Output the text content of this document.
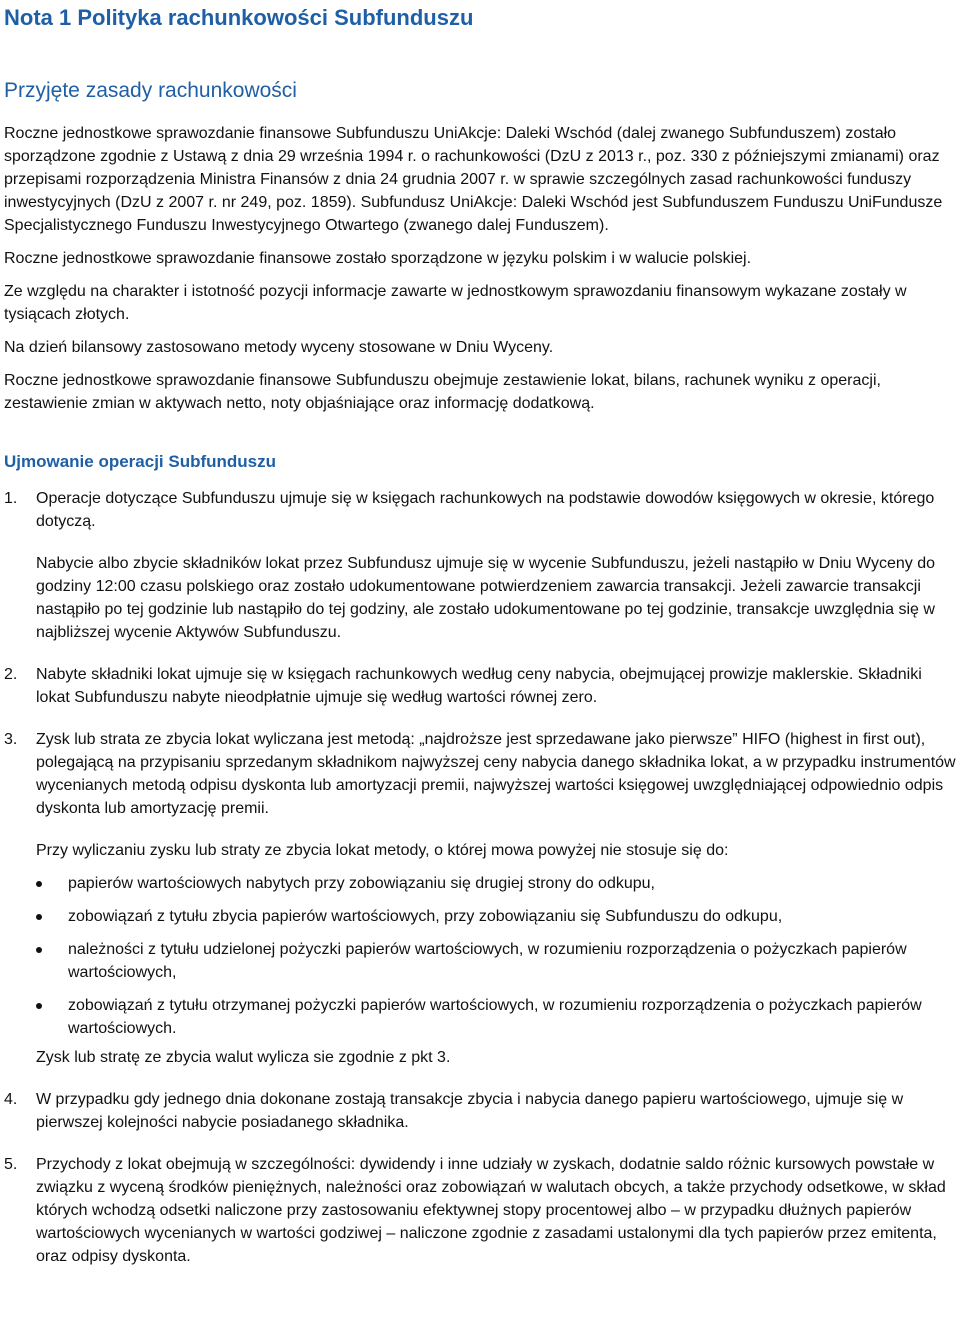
Nota 1 Polityka rachunkowości Subfunduszu
Przyjęte zasady rachunkowości

Roczne jednostkowe sprawozdanie finansowe Subfunduszu UniAkcje: Daleki Wschód (dalej zwanego Subfunduszem) zostało sporządzone zgodnie z Ustawą z dnia 29 września 1994 r. o rachunkowości (DzU z 2013 r., poz. 330 z późniejszymi zmianami) oraz przepisami rozporządzenia Ministra Finansów z dnia 24 grudnia 2007 r. w sprawie szczególnych zasad rachunkowości funduszy inwestycyjnych (DzU z 2007 r. nr 249, poz. 1859). Subfundusz UniAkcje: Daleki Wschód jest Subfunduszem Funduszu UniFundusze Specjalistycznego Funduszu Inwestycyjnego Otwartego (zwanego dalej Funduszem).

Roczne jednostkowe sprawozdanie finansowe zostało sporządzone w języku polskim i w walucie polskiej.

Ze względu na charakter i istotność pozycji informacje zawarte w jednostkowym sprawozdaniu finansowym wykazane zostały w tysiącach złotych.

Na dzień bilansowy zastosowano metody wyceny stosowane w Dniu Wyceny.

Roczne jednostkowe sprawozdanie finansowe Subfunduszu obejmuje zestawienie lokat, bilans, rachunek wyniku z operacji, zestawienie zmian w aktywach netto, noty objaśniające oraz informację dodatkową.

Ujmowanie operacji Subfunduszu
1. Operacje dotyczące Subfunduszu ujmuje się w księgach rachunkowych na podstawie dowodów księgowych w okresie, którego dotyczą.

Nabycie albo zbycie składników lokat przez Subfundusz ujmuje się w wycenie Subfunduszu, jeżeli nastąpiło w Dniu Wyceny do godziny 12:00 czasu polskiego oraz zostało udokumentowane potwierdzeniem zawarcia transakcji. Jeżeli zawarcie transakcji nastąpiło po tej godzinie lub nastąpiło do tej godziny, ale zostało udokumentowane po tej godzinie, transakcje uwzględnia się w najbliższej wycenie Aktywów Subfunduszu.

2. Nabyte składniki lokat ujmuje się w księgach rachunkowych według ceny nabycia, obejmującej prowizje maklerskie. Składniki lokat Subfunduszu nabyte nieodpłatnie ujmuje się według wartości równej zero.

3. Zysk lub strata ze zbycia lokat wyliczana jest metodą: „najdroższe jest sprzedawane jako pierwsze” HIFO (highest in first out), polegającą na przypisaniu sprzedanym składnikom najwyższej ceny nabycia danego składnika lokat, a w przypadku instrumentów wycenianych metodą odpisu dyskonta lub amortyzacji premii, najwyższej wartości księgowej uwzględniającej odpowiednio odpis dyskonta lub amortyzację premii.

Przy wyliczaniu zysku lub straty ze zbycia lokat metody, o której mowa powyżej nie stosuje się do:

papierów wartościowych nabytych przy zobowiązaniu się drugiej strony do odkupu,

zobowiązań z tytułu zbycia papierów wartościowych, przy zobowiązaniu się Subfunduszu do odkupu,

należności z tytułu udzielonej pożyczki papierów wartościowych, w rozumieniu rozporządzenia o pożyczkach papierów wartościowych,

zobowiązań z tytułu otrzymanej pożyczki papierów wartościowych, w rozumieniu rozporządzenia o pożyczkach papierów wartościowych.

Zysk lub stratę ze zbycia walut wylicza sie zgodnie z pkt 3.

4. W przypadku gdy jednego dnia dokonane zostają transakcje zbycia i nabycia danego papieru wartościowego, ujmuje się w pierwszej kolejności nabycie posiadanego składnika.

5. Przychody z lokat obejmują w szczególności: dywidendy i inne udziały w zyskach, dodatnie saldo różnic kursowych powstałe w związku z wyceną środków pieniężnych, należności oraz zobowiązań w walutach obcych, a także przychody odsetkowe, w skład których wchodzą odsetki naliczone przy zastosowaniu efektywnej stopy procentowej albo – w przypadku dłużnych papierów wartościowych wycenianych w wartości godziwej – naliczone zgodnie z zasadami ustalonymi dla tych papierów przez emitenta, oraz odpisy dyskonta.
